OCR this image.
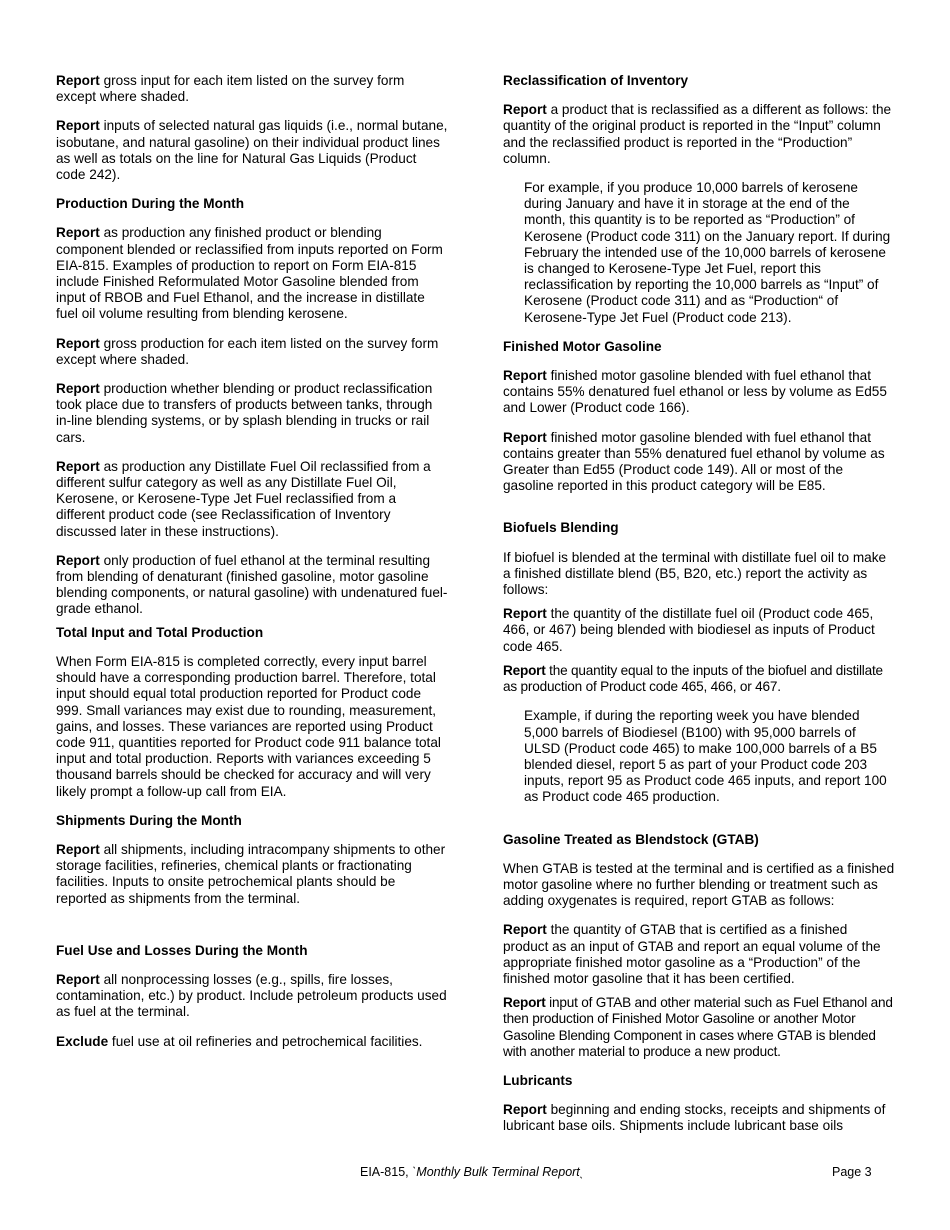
Report gross input for each item listed on the survey form except where shaded.

Report inputs of selected natural gas liquids (i.e., normal butane, isobutane, and natural gasoline) on their individual product lines as well as totals on the line for Natural Gas Liquids (Product code 242).

Production During the Month

Report as production any finished product or blending component blended or reclassified from inputs reported on Form EIA-815. Examples of production to report on Form EIA-815 include Finished Reformulated Motor Gasoline blended from input of RBOB and Fuel Ethanol, and the increase in distillate fuel oil volume resulting from blending kerosene.

Report gross production for each item listed on the survey form except where shaded.

Report production whether blending or product reclassification took place due to transfers of products between tanks, through in-line blending systems, or by splash blending in trucks or rail cars.

Report as production any Distillate Fuel Oil reclassified from a different sulfur category as well as any Distillate Fuel Oil, Kerosene, or Kerosene-Type Jet Fuel reclassified from a different product code (see Reclassification of Inventory discussed later in these instructions).

Report only production of fuel ethanol at the terminal resulting from blending of denaturant (finished gasoline, motor gasoline blending components, or natural gasoline) with undenatured fuel-grade ethanol.

Total Input and Total Production

When Form EIA-815 is completed correctly, every input barrel should have a corresponding production barrel. Therefore, total input should equal total production reported for Product code 999. Small variances may exist due to rounding, measurement, gains, and losses. These variances are reported using Product code 911, quantities reported for Product code 911 balance total input and total production. Reports with variances exceeding 5 thousand barrels should be checked for accuracy and will very likely prompt a follow-up call from EIA.

Shipments During the Month

Report all shipments, including intracompany shipments to other storage facilities, refineries, chemical plants or fractionating facilities. Inputs to onsite petrochemical plants should be reported as shipments from the terminal.

Fuel Use and Losses During the Month

Report all nonprocessing losses (e.g., spills, fire losses, contamination, etc.) by product. Include petroleum products used as fuel at the terminal.

Exclude fuel use at oil refineries and petrochemical facilities.

Reclassification of Inventory

Report a product that is reclassified as a different as follows: the quantity of the original product is reported in the “Input” column and the reclassified product is reported in the “Production” column.

For example, if you produce 10,000 barrels of kerosene during January and have it in storage at the end of the month, this quantity is to be reported as “Production” of Kerosene (Product code 311) on the January report. If during February the intended use of the 10,000 barrels of kerosene is changed to Kerosene-Type Jet Fuel, report this reclassification by reporting the 10,000 barrels as “Input” of Kerosene (Product code 311) and as “Production“ of Kerosene-Type Jet Fuel (Product code 213).

Finished Motor Gasoline

Report finished motor gasoline blended with fuel ethanol that contains 55% denatured fuel ethanol or less by volume as Ed55 and Lower (Product code 166).

Report finished motor gasoline blended with fuel ethanol that contains greater than 55% denatured fuel ethanol by volume as Greater than Ed55 (Product code 149). All or most of the gasoline reported in this product category will be E85.

Biofuels Blending

If biofuel is blended at the terminal with distillate fuel oil to make a finished distillate blend (B5, B20, etc.) report the activity as follows:

Report the quantity of the distillate fuel oil (Product code 465, 466, or 467) being blended with biodiesel as inputs of Product code 465.

Report the quantity equal to the inputs of the biofuel and distillate as production of Product code 465, 466, or 467.

Example, if during the reporting week you have blended 5,000 barrels of Biodiesel (B100) with 95,000 barrels of ULSD (Product code 465) to make 100,000 barrels of a B5 blended diesel, report 5 as part of your Product code 203 inputs, report 95 as Product code 465 inputs, and report 100 as Product code 465 production.

Gasoline Treated as Blendstock (GTAB)

When GTAB is tested at the terminal and is certified as a finished motor gasoline where no further blending or treatment such as adding oxygenates is required, report GTAB as follows:

Report the quantity of GTAB that is certified as a finished product as an input of GTAB and report an equal volume of the appropriate finished motor gasoline as a “Production” of the finished motor gasoline that it has been certified.

Report input of GTAB and other material such as Fuel Ethanol and then production of Finished Motor Gasoline or another Motor Gasoline Blending Component in cases where GTAB is blended with another material to produce a new product.

Lubricants

Report beginning and ending stocks, receipts and shipments of lubricant base oils. Shipments include lubricant base oils

EIA-815, ˋMonthly Bulk Terminal Reportˎ	Page 3
